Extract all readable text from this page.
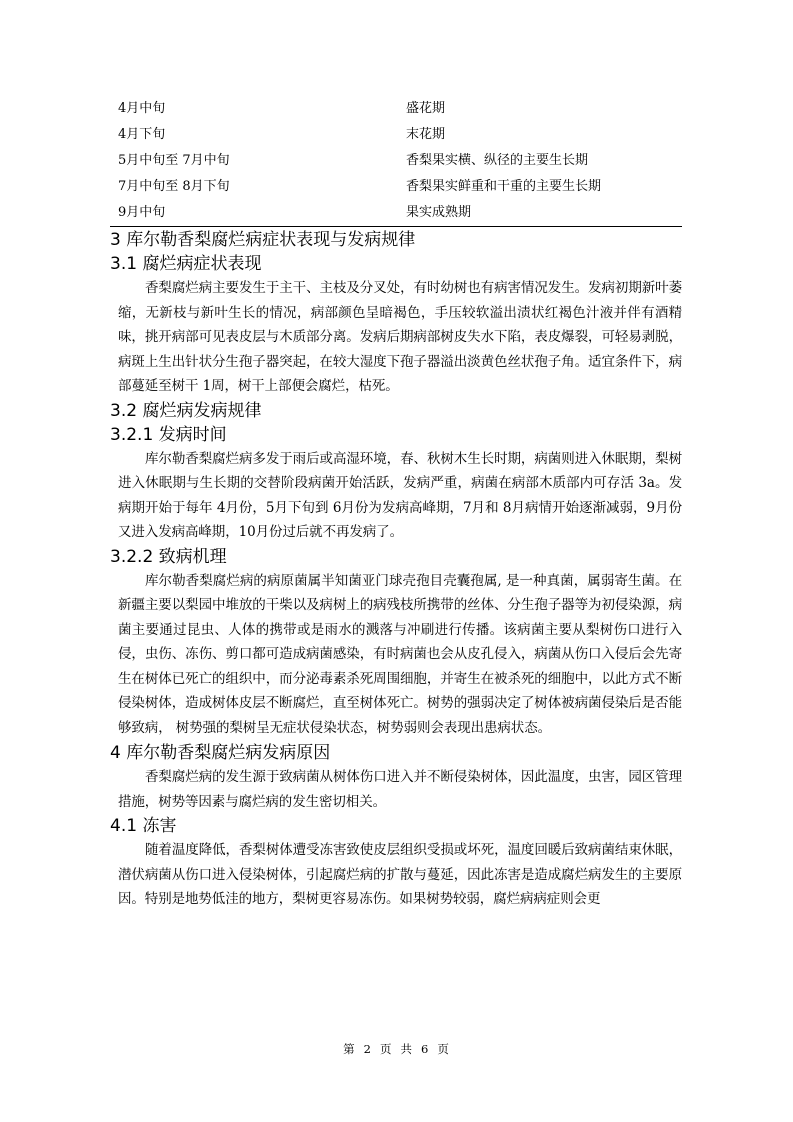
4月中旬	盛花期
4月下旬	末花期
5月中旬至 7月中旬	香梨果实横、纵径的主要生长期
7月中旬至 8月下旬	香梨果实鲜重和干重的主要生长期
9月中旬	果实成熟期
3 库尔勒香梨腐烂病症状表现与发病规律
3.1 腐烂病症状表现

香梨腐烂病主要发生于主干、主枝及分叉处，有时幼树也有病害情况发生。发病初期新叶萎缩，无新枝与新叶生长的情况，病部颜色呈暗褐色，手压较软溢出渍状红褐色汁液并伴有酒精味，挑开病部可见表皮层与木质部分离。发病后期病部树皮失水下陷，表皮爆裂，可轻易剥脱，病斑上生出针状分生孢子器突起，在较大湿度下孢子器溢出淡黄色丝状孢子角。适宜条件下，病部蔓延至树干 1周，树干上部便会腐烂，枯死。

3.2 腐烂病发病规律
3.2.1 发病时间

库尔勒香梨腐烂病多发于雨后或高湿环境，春、秋树木生长时期，病菌则进入休眠期，梨树进入休眠期与生长期的交替阶段病菌开始活跃，发病严重，病菌在病部木质部内可存活 3a。发病期开始于每年 4月份，5月下旬到 6月份为发病高峰期，7月和 8月病情开始逐渐减弱，9月份又进入发病高峰期，10月份过后就不再发病了。

3.2.2 致病机理

库尔勒香梨腐烂病的病原菌属半知菌亚门球壳孢目壳囊孢属, 是一种真菌，属弱寄生菌。在新疆主要以梨园中堆放的干柴以及病树上的病残枝所携带的丝体、分生孢子器等为初侵染源，病菌主要通过昆虫、人体的携带或是雨水的溅落与冲刷进行传播。该病菌主要从梨树伤口进行入侵，虫伤、冻伤、剪口都可造成病菌感染，有时病菌也会从皮孔侵入，病菌从伤口入侵后会先寄生在树体已死亡的组织中，而分泌毒素杀死周围细胞，并寄生在被杀死的细胞中，以此方式不断侵染树体，造成树体皮层不断腐烂，直至树体死亡。树势的强弱决定了树体被病菌侵染后是否能够致病， 树势强的梨树呈无症状侵染状态，树势弱则会表现出患病状态。

4 库尔勒香梨腐烂病发病原因

香梨腐烂病的发生源于致病菌从树体伤口进入并不断侵染树体，因此温度，虫害，园区管理措施，树势等因素与腐烂病的发生密切相关。

4.1 冻害

随着温度降低，香梨树体遭受冻害致使皮层组织受损或坏死，温度回暖后致病菌结束休眠，潜伏病菌从伤口进入侵染树体，引起腐烂病的扩散与蔓延，因此冻害是造成腐烂病发生的主要原因。特别是地势低洼的地方，梨树更容易冻伤。如果树势较弱，腐烂病病症则会更

第 2 页 共 6 页
